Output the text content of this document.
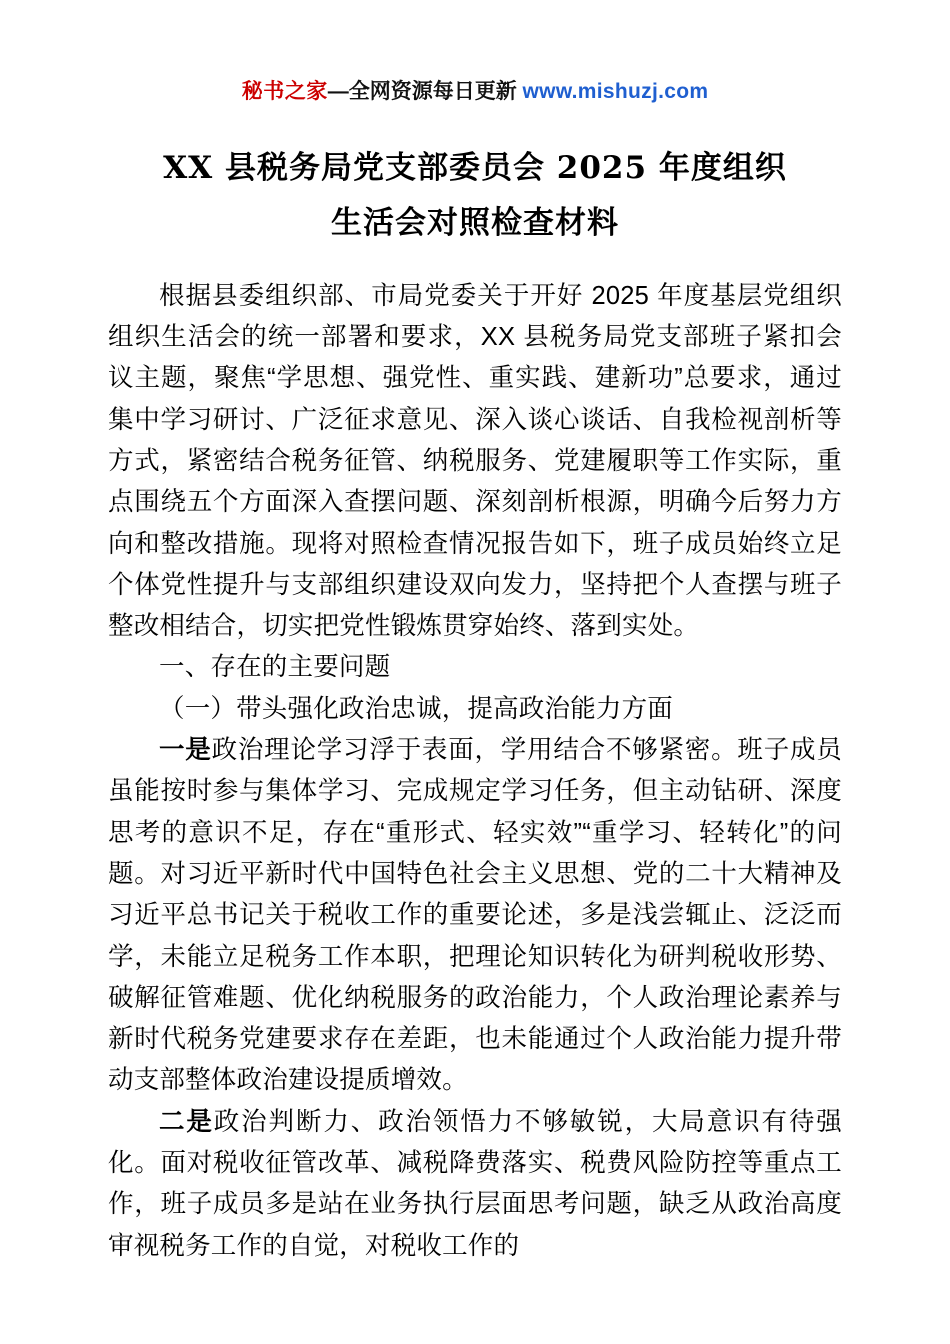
秘书之家—全网资源每日更新 www.mishuzj.com
XX 县税务局党支部委员会 2025 年度组织
生活会对照检查材料

根据县委组织部、市局党委关于开好 2025 年度基层党组织组织生活会的统一部署和要求，XX 县税务局党支部班子紧扣会议主题，聚焦“学思想、强党性、重实践、建新功”总要求，通过集中学习研讨、广泛征求意见、深入谈心谈话、自我检视剖析等方式，紧密结合税务征管、纳税服务、党建履职等工作实际，重点围绕五个方面深入查摆问题、深刻剖析根源，明确今后努力方向和整改措施。现将对照检查情况报告如下，班子成员始终立足个体党性提升与支部组织建设双向发力，坚持把个人查摆与班子整改相结合，切实把党性锻炼贯穿始终、落到实处。

一、存在的主要问题

（一）带头强化政治忠诚，提高政治能力方面

一是政治理论学习浮于表面，学用结合不够紧密。班子成员虽能按时参与集体学习、完成规定学习任务，但主动钻研、深度思考的意识不足，存在“重形式、轻实效”“重学习、轻转化”的问题。对习近平新时代中国特色社会主义思想、党的二十大精神及习近平总书记关于税收工作的重要论述，多是浅尝辄止、泛泛而学，未能立足税务工作本职，把理论知识转化为研判税收形势、破解征管难题、优化纳税服务的政治能力，个人政治理论素养与新时代税务党建要求存在差距，也未能通过个人政治能力提升带动支部整体政治建设提质增效。

二是政治判断力、政治领悟力不够敏锐，大局意识有待强化。面对税收征管改革、减税降费落实、税费风险防控等重点工作，班子成员多是站在业务执行层面思考问题，缺乏从政治高度审视税务工作的自觉，对税收工作的
